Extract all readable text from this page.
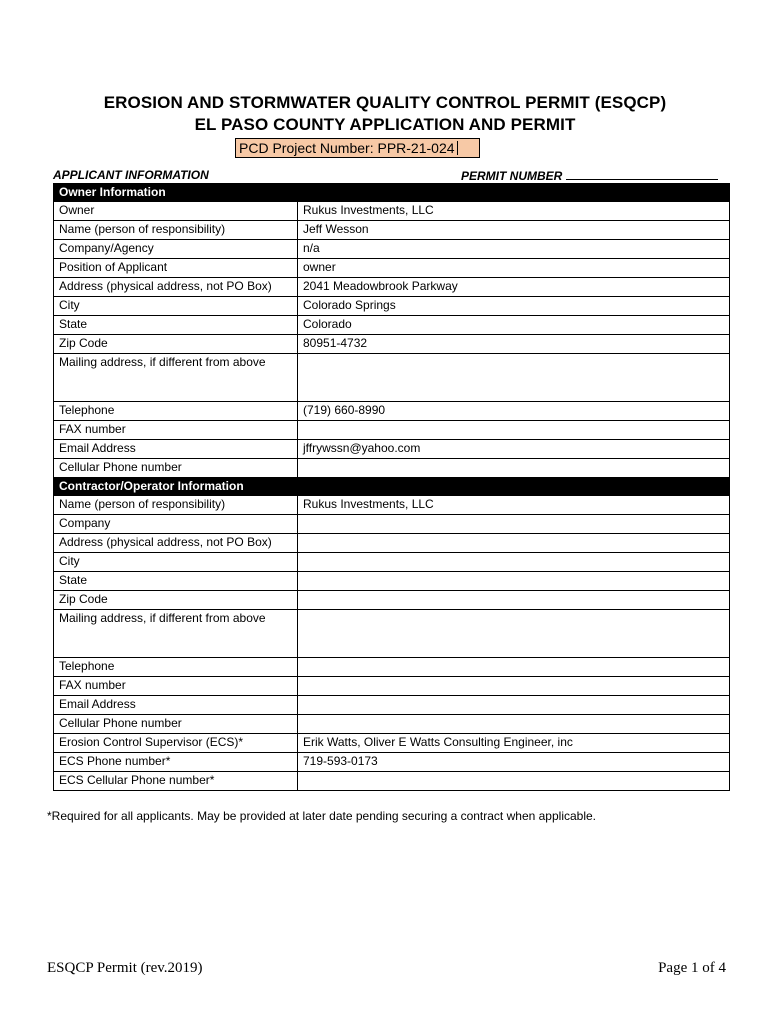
EROSION AND STORMWATER QUALITY CONTROL PERMIT (ESQCP)
EL PASO COUNTY APPLICATION AND PERMIT
PCD Project Number: PPR-21-024
APPLICANT INFORMATION	PERMIT NUMBER
Owner Information	
Owner	Rukus Investments, LLC
Name (person of responsibility)	Jeff Wesson
Company/Agency	n/a
Position of Applicant	owner
Address (physical address, not PO Box)	2041 Meadowbrook Parkway
City	Colorado Springs
State	Colorado
Zip Code	80951-4732
Mailing address, if different from above	
Telephone	(719) 660-8990
FAX number	
Email Address	jffrywssn@yahoo.com
Cellular Phone number	
Contractor/Operator Information	
Name (person of responsibility)	Rukus Investments, LLC
Company	
Address (physical address, not PO Box)	
City	
State	
Zip Code	
Mailing address, if different from above	
Telephone	
FAX number	
Email Address	
Cellular Phone number	
Erosion Control Supervisor (ECS)*	Erik Watts, Oliver E Watts Consulting Engineer, inc
ECS Phone number*	719-593-0173
ECS Cellular Phone number*	
*Required for all applicants. May be provided at later date pending securing a contract when applicable.
ESQCP Permit (rev.2019)	Page 1 of 4
